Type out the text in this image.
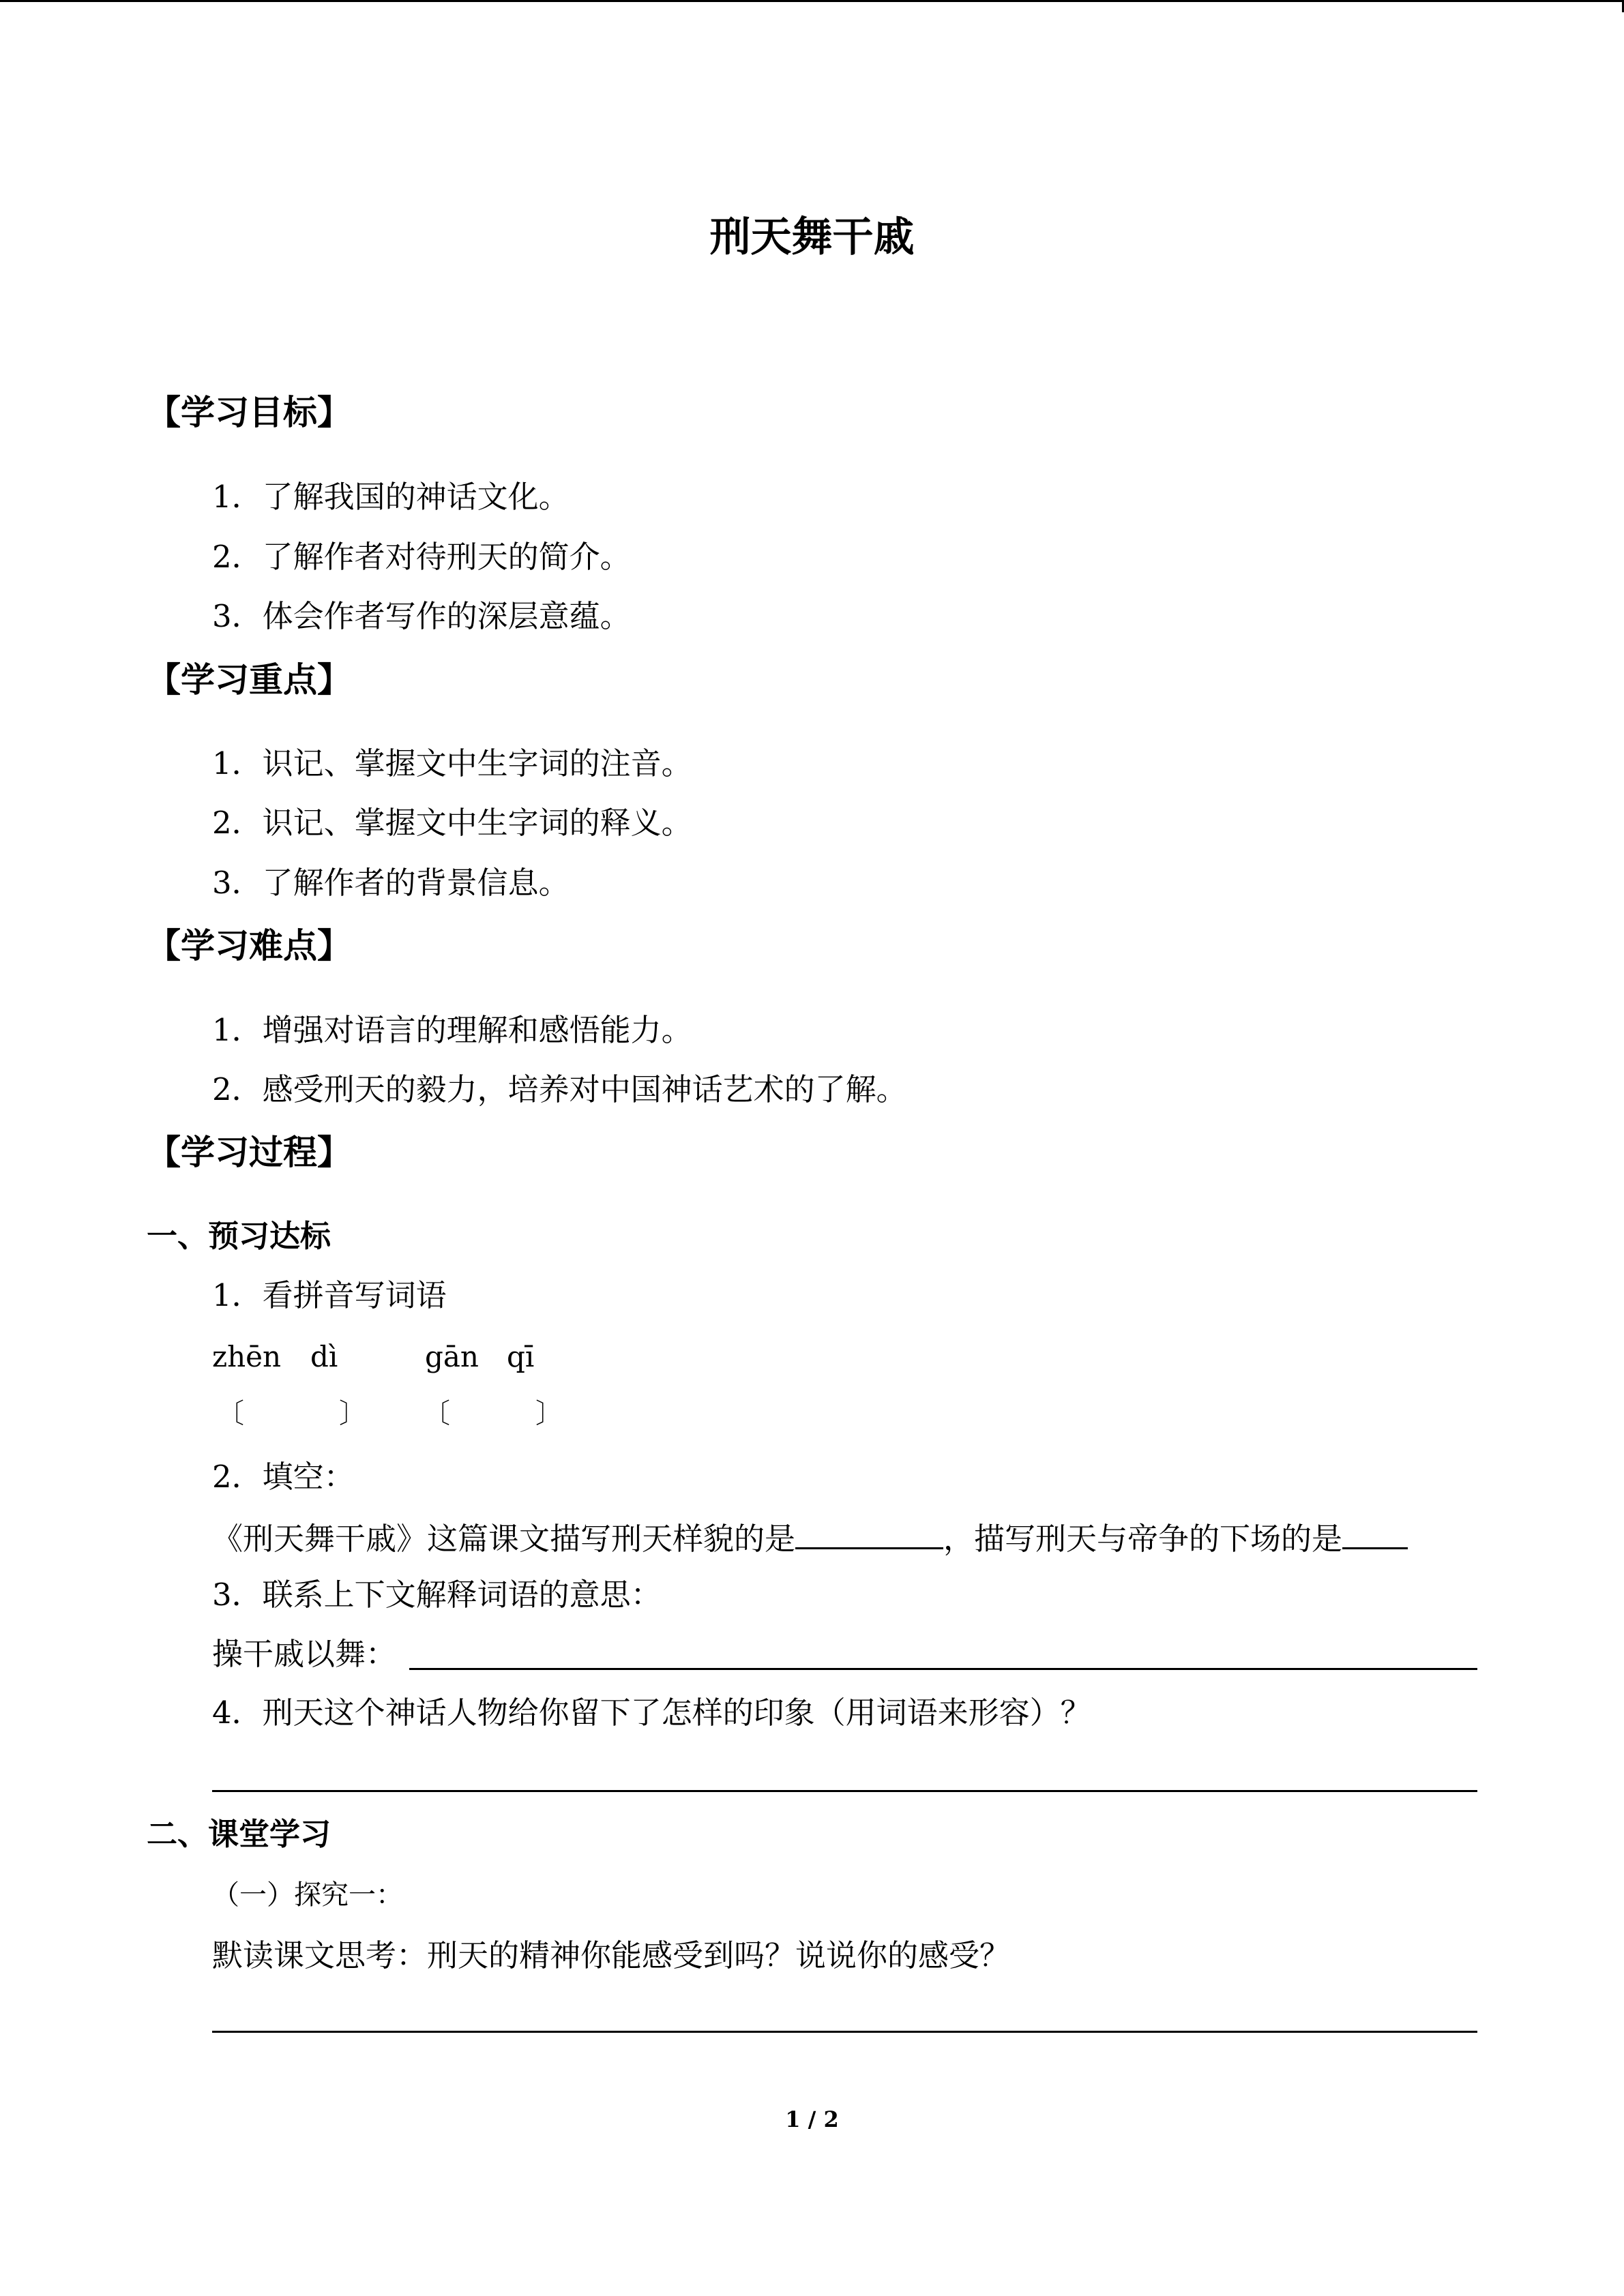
刑天舞干戚
【学习目标】
1．了解我国的神话文化。
2．了解作者对待刑天的简介。
3．体会作者写作的深层意蕴。
【学习重点】
1．识记、掌握文中生字词的注音。
2．识记、掌握文中生字词的释义。
3．了解作者的背景信息。
【学习难点】
1．增强对语言的理解和感悟能力。
2．感受刑天的毅力，培养对中国神话艺术的了解。
【学习过程】
一、预习达标
1．看拼音写词语
zhēn dì	gān qī
〔	〕 〔	〕
2．填空：
《刑天舞干戚》这篇课文描写刑天样貌的是	，描写刑天与帝争的下场的是
3．联系上下文解释词语的意思：
操干戚以舞：
4．刑天这个神话人物给你留下了怎样的印象（用词语来形容）？
二、课堂学习
（一）探究一：
默读课文思考：刑天的精神你能感受到吗？说说你的感受？
1 / 2
